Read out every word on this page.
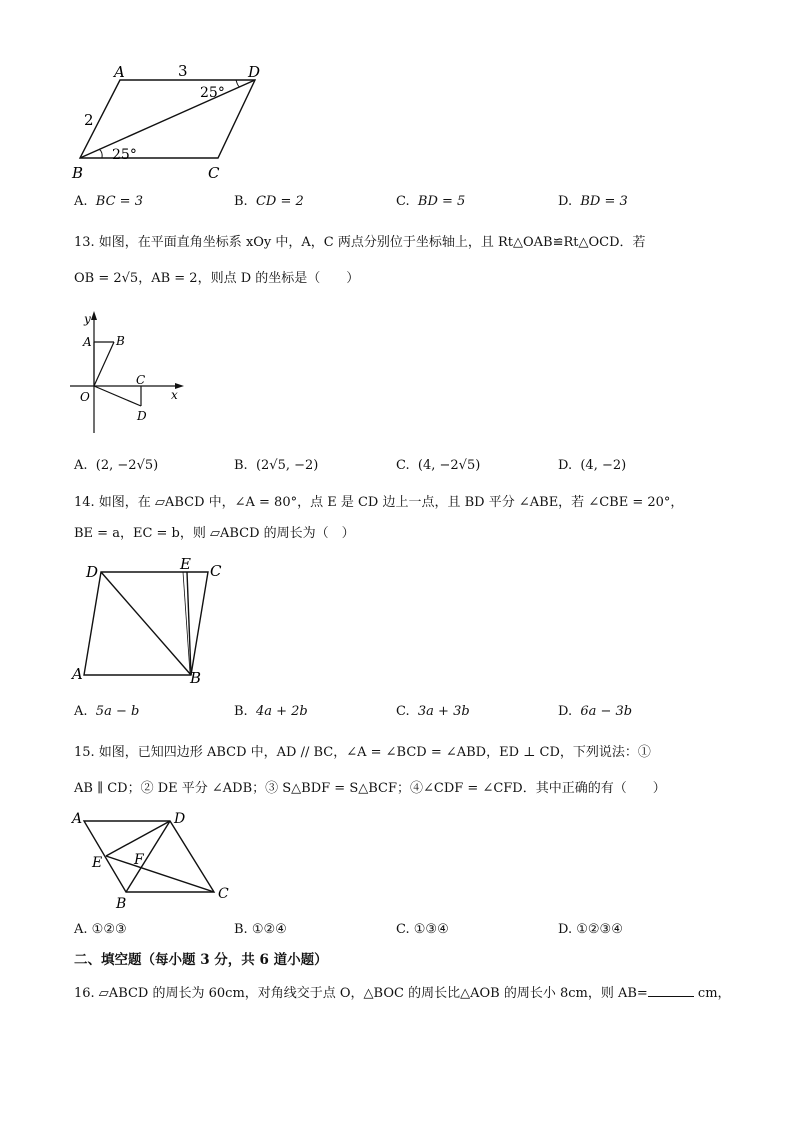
A	D
B	C
3
2
25°
25°
A. BC = 3	B. CD = 2	C. BD = 5	D. BD = 3
13. 如图，在平面直角坐标系 xOy 中，A，C 两点分别位于坐标轴上，且 Rt△OAB≌Rt△OCD．若
OB = 2√5，AB = 2，则点 D 的坐标是（　　）
y
x
O
A B
C
D
A. (2, −2√5)	B. (2√5, −2)	C. (4, −2√5)	D. (4, −2)
14. 如图，在 ▱ABCD 中，∠A = 80°，点 E 是 CD 边上一点，且 BD 平分 ∠ABE，若 ∠CBE = 20°，
BE = a，EC = b，则 ▱ABCD 的周长为（　）
D	E C
A	B
A. 5a − b	B. 4a + 2b	C. 3a + 3b	D. 6a − 3b
15. 如图，已知四边形 ABCD 中，AD // BC，∠A = ∠BCD = ∠ABD，ED ⊥ CD，下列说法：①
AB ∥ CD；② DE 平分 ∠ADB；③ S△BDF = S△BCF；④∠CDF = ∠CFD．其中正确的有（　　）
A	D
E F
B
C
A. ①②③	B. ①②④	C. ①③④	D. ①②③④
二、填空题（每小题 3 分，共 6 道小题）
16. ▱ABCD 的周长为 60cm，对角线交于点 O，△BOC 的周长比△AOB 的周长小 8cm，则 AB=	cm，
